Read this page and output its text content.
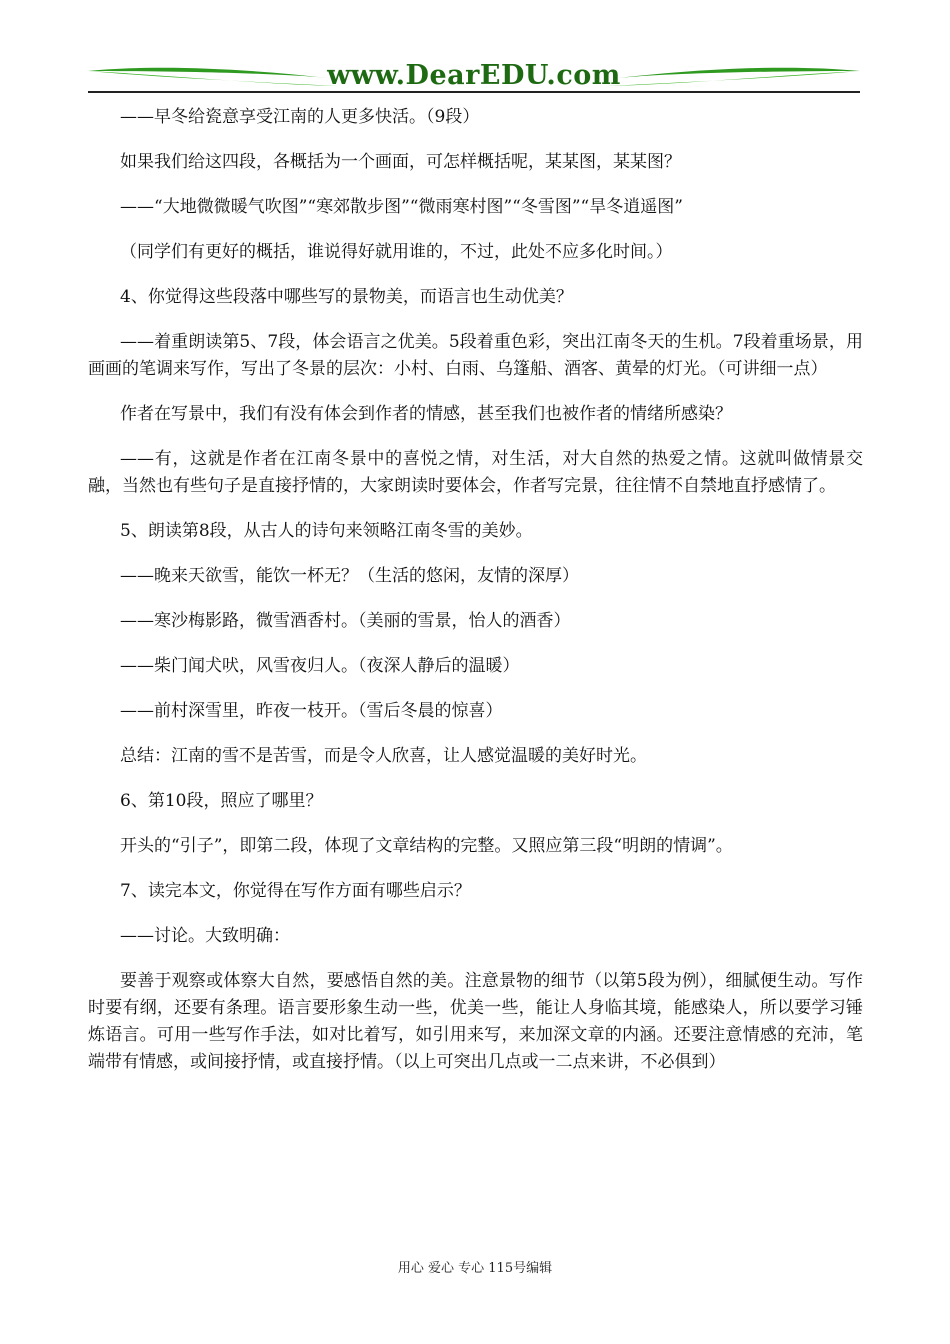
www.DearEDU.com

——早冬给瓷意享受江南的人更多快活。（9段）

如果我们给这四段，各概括为一个画面，可怎样概括呢，某某图，某某图？

——“大地微微暖气吹图”“寒郊散步图”“微雨寒村图”“冬雪图”“旱冬逍遥图”

（同学们有更好的概括，谁说得好就用谁的，不过，此处不应多化时间。）

4、你觉得这些段落中哪些写的景物美，而语言也生动优美？

——着重朗读第5、7段，体会语言之优美。5段着重色彩，突出江南冬天的生机。7段着重场景，用画画的笔调来写作，写出了冬景的层次：小村、白雨、乌篷船、酒客、黄晕的灯光。（可讲细一点）

作者在写景中，我们有没有体会到作者的情感，甚至我们也被作者的情绪所感染？

——有，这就是作者在江南冬景中的喜悦之情，对生活，对大自然的热爱之情。这就叫做情景交融，当然也有些句子是直接抒情的，大家朗读时要体会，作者写完景，往往情不自禁地直抒感情了。

5、朗读第8段，从古人的诗句来领略江南冬雪的美妙。

——晚来天欲雪，能饮一杯无？（生活的悠闲，友情的深厚）

——寒沙梅影路，微雪酒香村。（美丽的雪景，怡人的酒香）

——柴门闻犬吠，风雪夜归人。（夜深人静后的温暖）

——前村深雪里，昨夜一枝开。（雪后冬晨的惊喜）

总结：江南的雪不是苦雪，而是令人欣喜，让人感觉温暖的美好时光。

6、第10段，照应了哪里？

开头的“引子”，即第二段，体现了文章结构的完整。又照应第三段“明朗的情调”。

7、读完本文，你觉得在写作方面有哪些启示？

——讨论。大致明确：

要善于观察或体察大自然，要感悟自然的美。注意景物的细节（以第5段为例），细腻便生动。写作时要有纲，还要有条理。语言要形象生动一些，优美一些，能让人身临其境，能感染人，所以要学习锤炼语言。可用一些写作手法，如对比着写，如引用来写，来加深文章的内涵。还要注意情感的充沛，笔端带有情感，或间接抒情，或直接抒情。（以上可突出几点或一二点来讲，不必俱到）

用心 爱心 专心 115号编辑
